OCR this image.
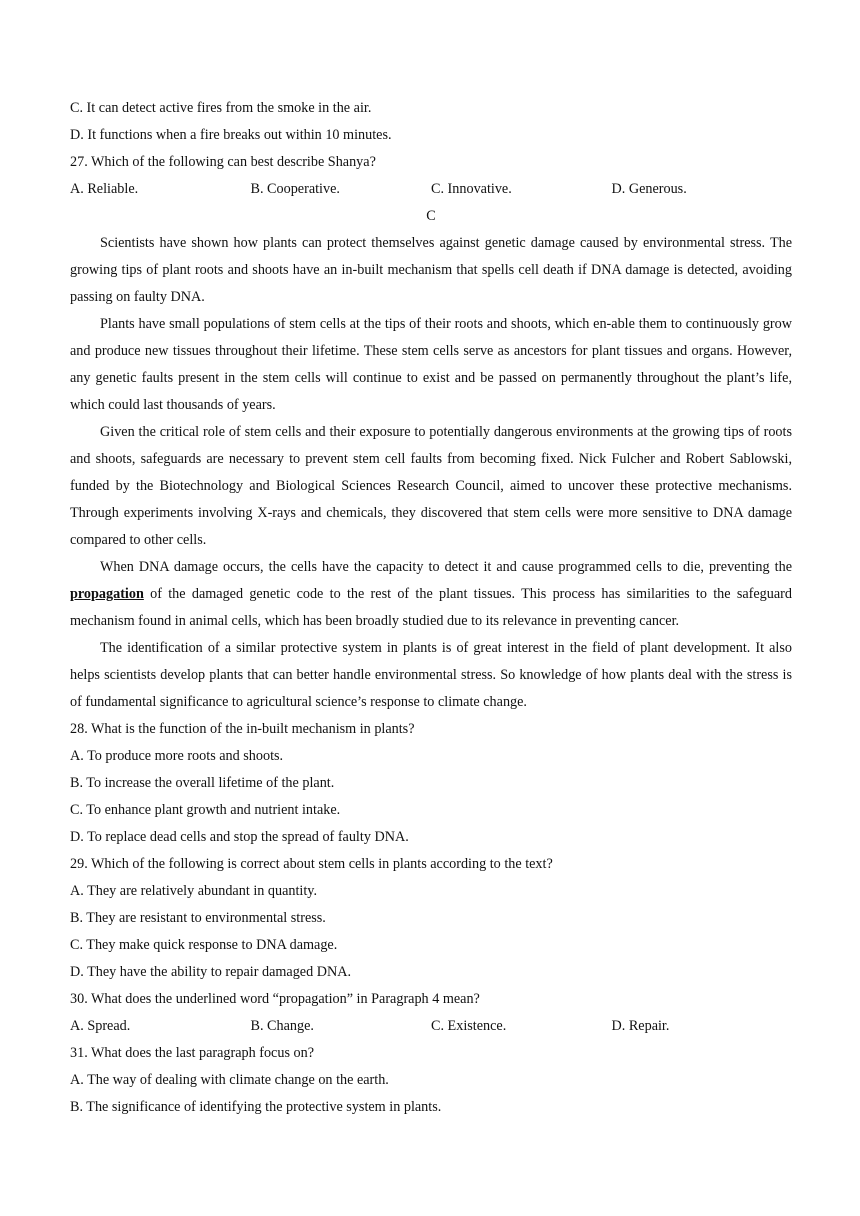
C. It can detect active fires from the smoke in the air.
D. It functions when a fire breaks out within 10 minutes.
27. Which of the following can best describe Shanya?
A. Reliable.	B. Cooperative.	C. Innovative.	D. Generous.
C

Scientists have shown how plants can protect themselves against genetic damage caused by environmental stress. The growing tips of plant roots and shoots have an in-built mechanism that spells cell death if DNA damage is detected, avoiding passing on faulty DNA.

Plants have small populations of stem cells at the tips of their roots and shoots, which en-able them to continuously grow and produce new tissues throughout their lifetime. These stem cells serve as ancestors for plant tissues and organs. However, any genetic faults present in the stem cells will continue to exist and be passed on permanently throughout the plant’s life, which could last thousands of years.

Given the critical role of stem cells and their exposure to potentially dangerous environments at the growing tips of roots and shoots, safeguards are necessary to prevent stem cell faults from becoming fixed. Nick Fulcher and Robert Sablowski, funded by the Biotechnology and Biological Sciences Research Council, aimed to uncover these protective mechanisms. Through experiments involving X-rays and chemicals, they discovered that stem cells were more sensitive to DNA damage compared to other cells.

When DNA damage occurs, the cells have the capacity to detect it and cause programmed cells to die, preventing the propagation of the damaged genetic code to the rest of the plant tissues. This process has similarities to the safeguard mechanism found in animal cells, which has been broadly studied due to its relevance in preventing cancer.

The identification of a similar protective system in plants is of great interest in the field of plant development. It also helps scientists develop plants that can better handle environmental stress. So knowledge of how plants deal with the stress is of fundamental significance to agricultural science’s response to climate change.

28. What is the function of the in-built mechanism in plants?
A. To produce more roots and shoots.
B. To increase the overall lifetime of the plant.
C. To enhance plant growth and nutrient intake.
D. To replace dead cells and stop the spread of faulty DNA.
29. Which of the following is correct about stem cells in plants according to the text?
A. They are relatively abundant in quantity.
B. They are resistant to environmental stress.
C. They make quick response to DNA damage.
D. They have the ability to repair damaged DNA.
30. What does the underlined word “propagation” in Paragraph 4 mean?
A. Spread.	B. Change.	C. Existence.	D. Repair.
31. What does the last paragraph focus on?
A. The way of dealing with climate change on the earth.
B. The significance of identifying the protective system in plants.
